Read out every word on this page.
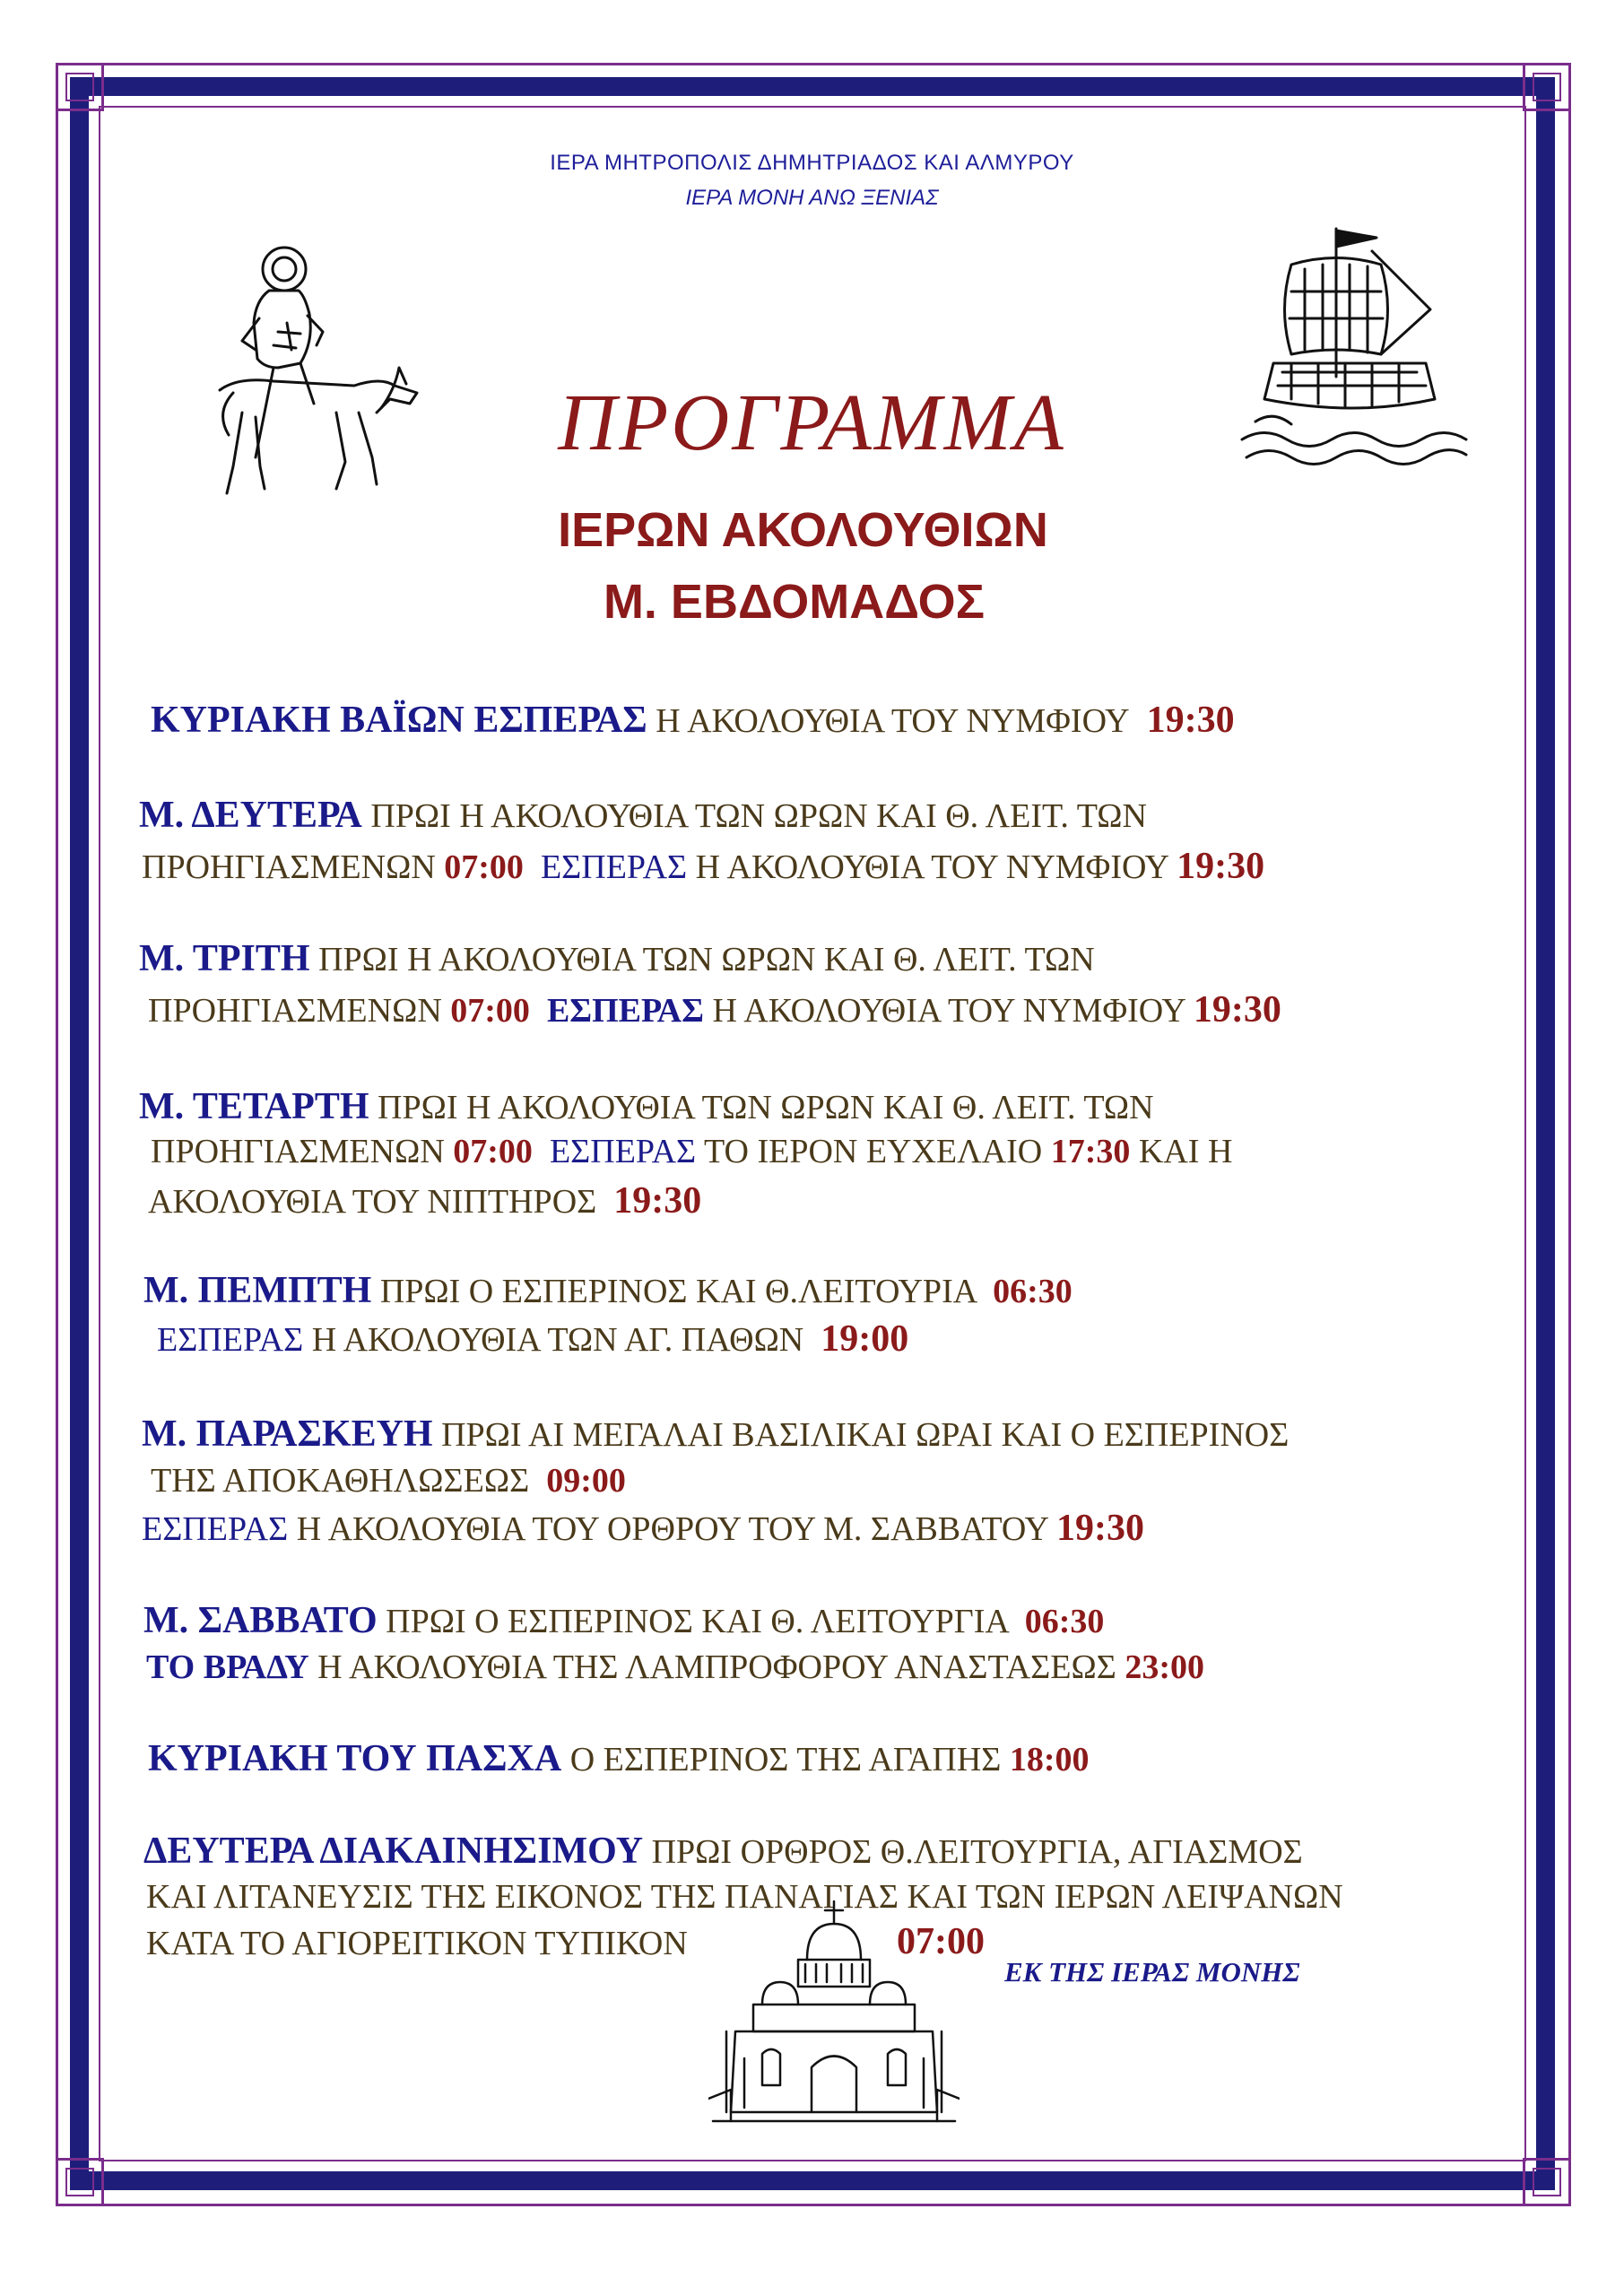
ΙΕΡΑ ΜΗΤΡΟΠΟΛΙΣ ΔΗΜΗΤΡΙΑΔΟΣ ΚΑΙ ΑΛΜΥΡΟΥ
ΙΕΡΑ ΜΟΝΗ ΑΝΩ ΞΕΝΙΑΣ
ΠΡΟΓΡΑΜΜΑ
ΙΕΡΩΝ ΑΚΟΛΟΥΘΙΩΝ
Μ. ΕΒΔΟΜΑΔΟΣ
ΚΥΡΙΑΚΗ ΒΑΪΩΝ ΕΣΠΕΡΑΣ Η ΑΚΟΛΟΥΘΙΑ ΤΟΥ ΝΥΜΦΙΟΥ 19:30
Μ. ΔΕΥΤΕΡΑ ΠΡΩΙ Η ΑΚΟΛΟΥΘΙΑ ΤΩΝ ΩΡΩΝ ΚΑΙ Θ. ΛΕΙΤ. ΤΩΝ
ΠΡΟΗΓΙΑΣΜΕΝΩΝ 07:00 ΕΣΠΕΡΑΣ Η ΑΚΟΛΟΥΘΙΑ ΤΟΥ ΝΥΜΦΙΟΥ 19:30
Μ. ΤΡΙΤΗ ΠΡΩΙ Η ΑΚΟΛΟΥΘΙΑ ΤΩΝ ΩΡΩΝ ΚΑΙ Θ. ΛΕΙΤ. ΤΩΝ
ΠΡΟΗΓΙΑΣΜΕΝΩΝ 07:00 ΕΣΠΕΡΑΣ Η ΑΚΟΛΟΥΘΙΑ ΤΟΥ ΝΥΜΦΙΟΥ 19:30
Μ. ΤΕΤΑΡΤΗ ΠΡΩΙ Η ΑΚΟΛΟΥΘΙΑ ΤΩΝ ΩΡΩΝ ΚΑΙ Θ. ΛΕΙΤ. ΤΩΝ
ΠΡΟΗΓΙΑΣΜΕΝΩΝ 07:00 ΕΣΠΕΡΑΣ ΤΟ ΙΕΡΟΝ ΕΥΧΕΛΑΙΟ 17:30 ΚΑΙ Η
ΑΚΟΛΟΥΘΙΑ ΤΟΥ ΝΙΠΤΗΡΟΣ  19:30
Μ. ΠΕΜΠΤΗ ΠΡΩΙ Ο ΕΣΠΕΡΙΝΟΣ ΚΑΙ Θ.ΛΕΙΤΟΥΡΙΑ  06:30
ΕΣΠΕΡΑΣ Η ΑΚΟΛΟΥΘΙΑ ΤΩΝ ΑΓ. ΠΑΘΩΝ  19:00
Μ. ΠΑΡΑΣΚΕΥΗ ΠΡΩΙ ΑΙ ΜΕΓΑΛΑΙ ΒΑΣΙΛΙΚΑΙ ΩΡΑΙ ΚΑΙ Ο ΕΣΠΕΡΙΝΟΣ
ΤΗΣ ΑΠΟΚΑΘΗΛΩΣΕΩΣ  09:00
ΕΣΠΕΡΑΣ Η ΑΚΟΛΟΥΘΙΑ ΤΟΥ ΟΡΘΡΟΥ ΤΟΥ Μ. ΣΑΒΒΑΤΟΥ 19:30
Μ. ΣΑΒΒΑΤΟ ΠΡΩΙ Ο ΕΣΠΕΡΙΝΟΣ ΚΑΙ Θ. ΛΕΙΤΟΥΡΓΙΑ  06:30
ΤΟ ΒΡΑΔΥ Η ΑΚΟΛΟΥΘΙΑ ΤΗΣ ΛΑΜΠΡΟΦΟΡΟΥ ΑΝΑΣΤΑΣΕΩΣ 23:00
ΚΥΡΙΑΚΗ ΤΟΥ ΠΑΣΧΑ Ο ΕΣΠΕΡΙΝΟΣ ΤΗΣ ΑΓΑΠΗΣ 18:00
ΔΕΥΤΕΡΑ ΔΙΑΚΑΙΝΗΣΙΜΟΥ ΠΡΩΙ ΟΡΘΡΟΣ Θ.ΛΕΙΤΟΥΡΓΙΑ, ΑΓΙΑΣΜΟΣ
ΚΑΙ ΛΙΤΑΝΕΥΣΙΣ ΤΗΣ ΕΙΚΟΝΟΣ ΤΗΣ ΠΑΝΑΓΙΑΣ ΚΑΙ ΤΩΝ ΙΕΡΩΝ ΛΕΙΨΑΝΩΝ
ΚΑΤΑ ΤΟ ΑΓΙΟΡΕΙΤΙΚΟΝ ΤΥΠΙΚΟΝ	07:00
ΕΚ ΤΗΣ ΙΕΡΑΣ ΜΟΝΗΣ
